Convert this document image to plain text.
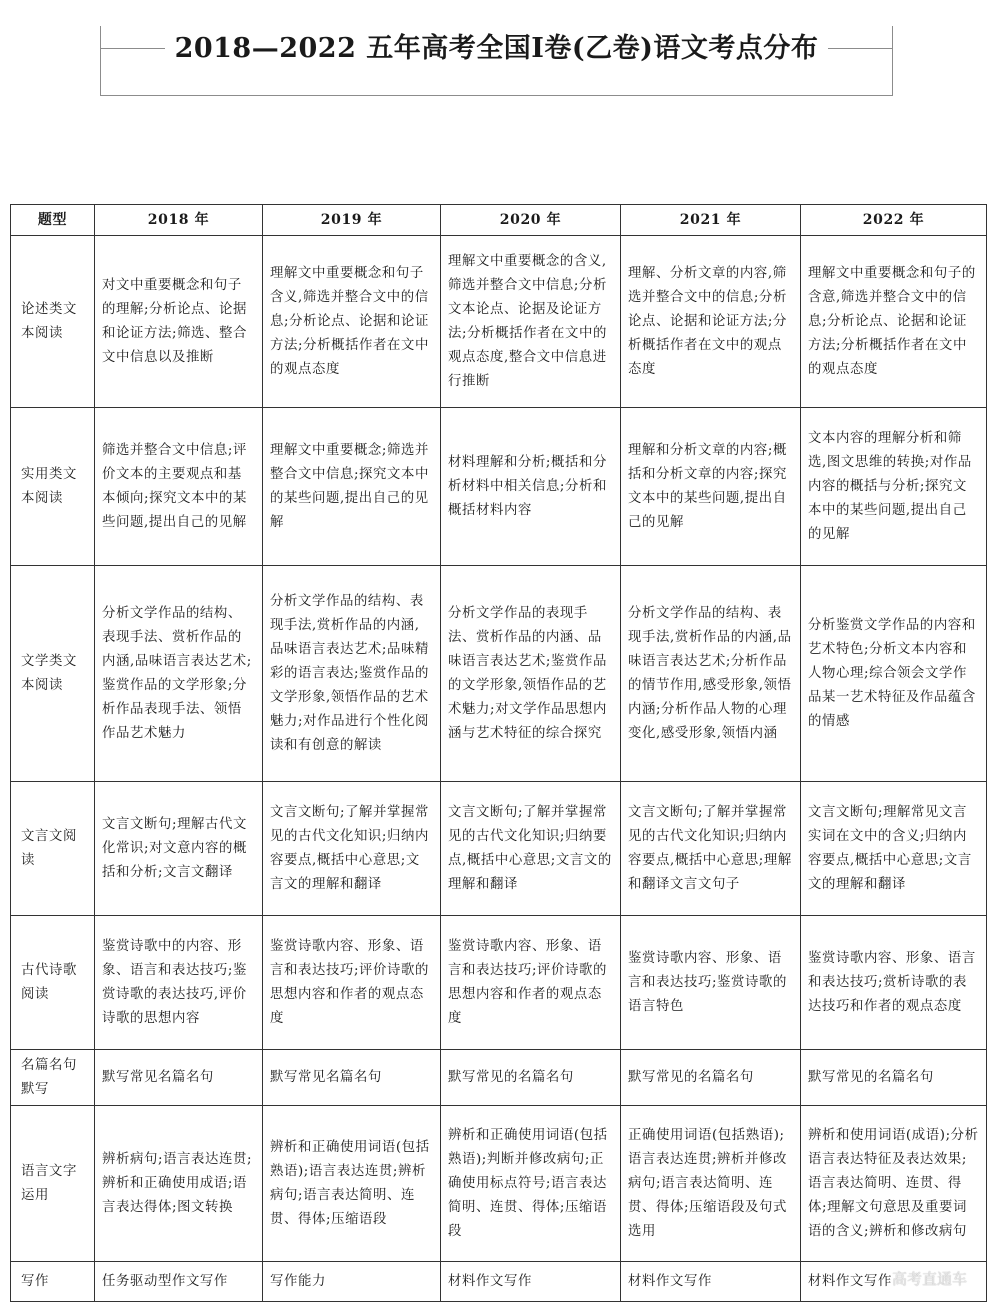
2018—2022 五年高考全国Ⅰ卷(乙卷)语文考点分布
题型	2018 年	2019 年	2020 年	2021 年	2022 年
论述类文本阅读	对文中重要概念和句子的理解;分析论点、论据和论证方法;筛选、整合文中信息以及推断	理解文中重要概念和句子含义,筛选并整合文中的信息;分析论点、论据和论证方法;分析概括作者在文中的观点态度	理解文中重要概念的含义,筛选并整合文中信息;分析文本论点、论据及论证方法;分析概括作者在文中的观点态度,整合文中信息进行推断	理解、分析文章的内容,筛选并整合文中的信息;分析论点、论据和论证方法;分析概括作者在文中的观点态度	理解文中重要概念和句子的含意,筛选并整合文中的信息;分析论点、论据和论证方法;分析概括作者在文中的观点态度
实用类文本阅读	筛选并整合文中信息;评价文本的主要观点和基本倾向;探究文本中的某些问题,提出自己的见解	理解文中重要概念;筛选并整合文中信息;探究文本中的某些问题,提出自己的见解	材料理解和分析;概括和分析材料中相关信息;分析和概括材料内容	理解和分析文章的内容;概括和分析文章的内容;探究文本中的某些问题,提出自己的见解	文本内容的理解分析和筛选,图文思维的转换;对作品内容的概括与分析;探究文本中的某些问题,提出自己的见解
文学类文本阅读	分析文学作品的结构、表现手法、赏析作品的内涵,品味语言表达艺术;鉴赏作品的文学形象;分析作品表现手法、领悟作品艺术魅力	分析文学作品的结构、表现手法,赏析作品的内涵,品味语言表达艺术;品味精彩的语言表达;鉴赏作品的文学形象,领悟作品的艺术魅力;对作品进行个性化阅读和有创意的解读	分析文学作品的表现手法、赏析作品的内涵、品味语言表达艺术;鉴赏作品的文学形象,领悟作品的艺术魅力;对文学作品思想内涵与艺术特征的综合探究	分析文学作品的结构、表现手法,赏析作品的内涵,品味语言表达艺术;分析作品的情节作用,感受形象,领悟内涵;分析作品人物的心理变化,感受形象,领悟内涵	分析鉴赏文学作品的内容和艺术特色;分析文本内容和人物心理;综合领会文学作品某一艺术特征及作品蕴含的情感
文言文阅读	文言文断句;理解古代文化常识;对文意内容的概括和分析;文言文翻译	文言文断句;了解并掌握常见的古代文化知识;归纳内容要点,概括中心意思;文言文的理解和翻译	文言文断句;了解并掌握常见的古代文化知识;归纳要点,概括中心意思;文言文的理解和翻译	文言文断句;了解并掌握常见的古代文化知识;归纳内容要点,概括中心意思;理解和翻译文言文句子	文言文断句;理解常见文言实词在文中的含义;归纳内容要点,概括中心意思;文言文的理解和翻译
古代诗歌阅读	鉴赏诗歌中的内容、形象、语言和表达技巧;鉴赏诗歌的表达技巧,评价诗歌的思想内容	鉴赏诗歌内容、形象、语言和表达技巧;评价诗歌的思想内容和作者的观点态度	鉴赏诗歌内容、形象、语言和表达技巧;评价诗歌的思想内容和作者的观点态度	鉴赏诗歌内容、形象、语言和表达技巧;鉴赏诗歌的语言特色	鉴赏诗歌内容、形象、语言和表达技巧;赏析诗歌的表达技巧和作者的观点态度
名篇名句默写	默写常见名篇名句	默写常见名篇名句	默写常见的名篇名句	默写常见的名篇名句	默写常见的名篇名句
语言文字运用	辨析病句;语言表达连贯;辨析和正确使用成语;语言表达得体;图文转换	辨析和正确使用词语(包括熟语);语言表达连贯;辨析病句;语言表达简明、连贯、得体;压缩语段	辨析和正确使用词语(包括熟语);判断并修改病句;正确使用标点符号;语言表达简明、连贯、得体;压缩语段	正确使用词语(包括熟语);语言表达连贯;辨析并修改病句;语言表达简明、连贯、得体;压缩语段及句式选用	辨析和使用词语(成语);分析语言表达特征及表达效果;语言表达简明、连贯、得体;理解文句意思及重要词语的含义;辨析和修改病句
写作	任务驱动型作文写作	写作能力	材料作文写作	材料作文写作	材料作文写作 高考直通车
